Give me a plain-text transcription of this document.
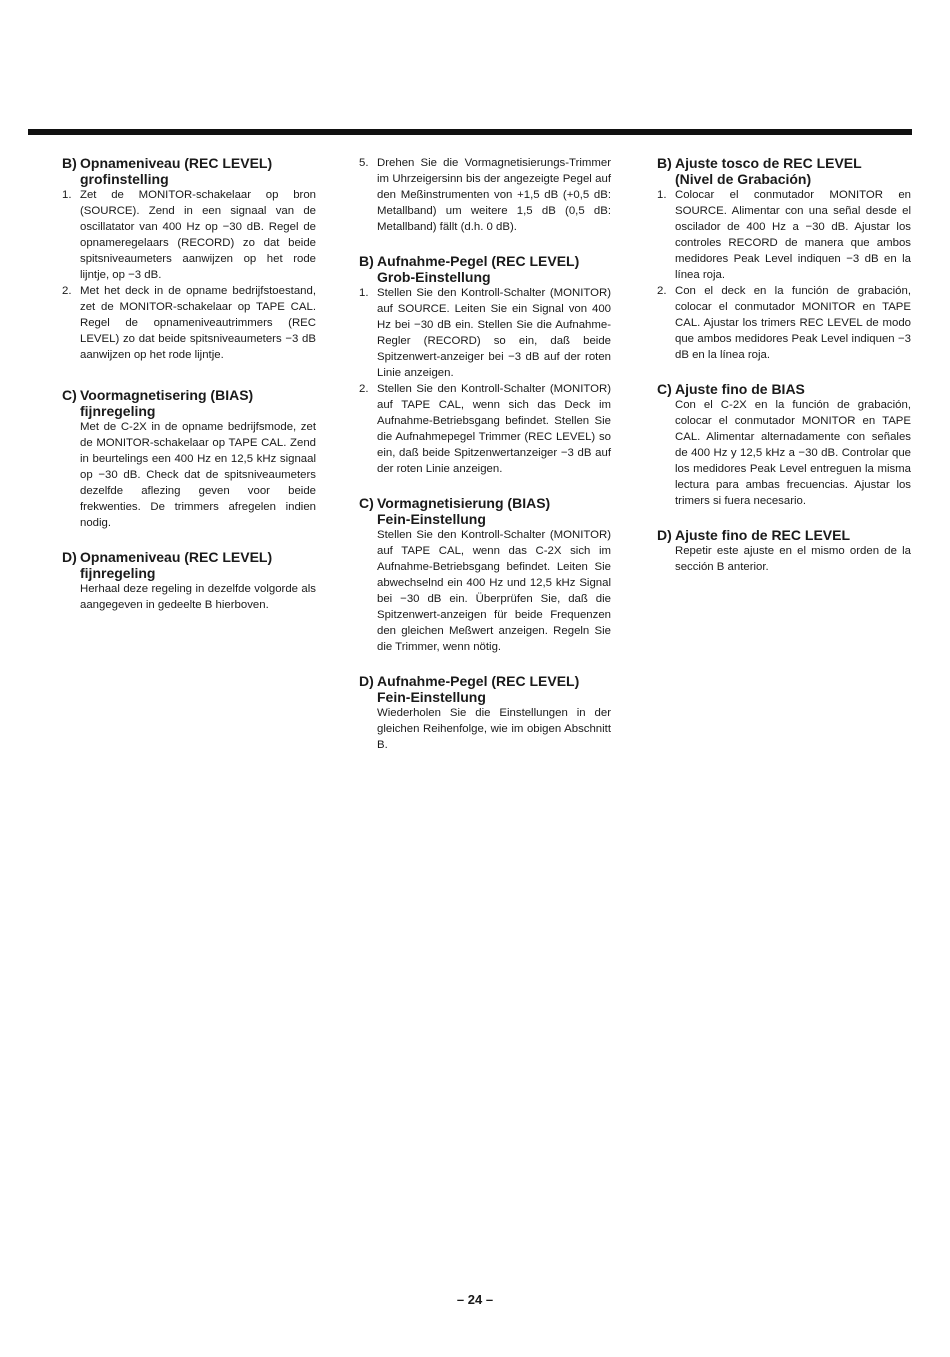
B) Opnameniveau (REC LEVEL)
grofinstelling
1. Zet de MONITOR-schakelaar op bron (SOURCE). Zend in een signaal van de oscillatator van 400 Hz op −30 dB. Regel de opnameregelaars (RECORD) zo dat beide spitsniveaumeters aanwijzen op het rode lijntje, op −3 dB.
2. Met het deck in de opname bedrijfstoestand, zet de MONITOR-schakelaar op TAPE CAL. Regel de opnameniveautrimmers (REC LEVEL) zo dat beide spitsniveaumeters −3 dB aanwijzen op het rode lijntje.
C) Voormagnetisering (BIAS)
fijnregeling
Met de C-2X in de opname bedrijfsmode, zet de MONITOR-schakelaar op TAPE CAL. Zend in beurtelings een 400 Hz en 12,5 kHz signaal op −30 dB. Check dat de spitsniveaumeters dezelfde aflezing geven voor beide frekwenties. De trimmers afregelen indien nodig.
D) Opnameniveau (REC LEVEL)
fijnregeling
Herhaal deze regeling in dezelfde volgorde als aangegeven in gedeelte B hierboven.
5. Drehen Sie die Vormagnetisierungs-Trimmer im Uhrzeigersinn bis der angezeigte Pegel auf den Meßinstrumenten von +1,5 dB (+0,5 dB: Metallband) um weitere 1,5 dB (0,5 dB: Metallband) fällt (d.h. 0 dB).
B) Aufnahme-Pegel (REC LEVEL)
Grob-Einstellung
1. Stellen Sie den Kontroll-Schalter (MONITOR) auf SOURCE. Leiten Sie ein Signal von 400 Hz bei −30 dB ein. Stellen Sie die Aufnahme-Regler (RECORD) so ein, daß beide Spitzenwert-anzeiger bei −3 dB auf der roten Linie anzeigen.
2. Stellen Sie den Kontroll-Schalter (MONITOR) auf TAPE CAL, wenn sich das Deck im Aufnahme-Betriebsgang befindet. Stellen Sie die Aufnahmepegel Trimmer (REC LEVEL) so ein, daß beide Spitzenwertanzeiger −3 dB auf der roten Linie anzeigen.
C) Vormagnetisierung (BIAS)
Fein-Einstellung
Stellen Sie den Kontroll-Schalter (MONITOR) auf TAPE CAL, wenn das C-2X sich im Aufnahme-Betriebsgang befindet. Leiten Sie abwechselnd ein 400 Hz und 12,5 kHz Signal bei −30 dB ein. Überprüfen Sie, daß die Spitzenwert-anzeigen für beide Frequenzen den gleichen Meßwert anzeigen. Regeln Sie die Trimmer, wenn nötig.
D) Aufnahme-Pegel (REC LEVEL)
Fein-Einstellung
Wiederholen Sie die Einstellungen in der gleichen Reihenfolge, wie im obigen Abschnitt B.
B) Ajuste tosco de REC LEVEL
(Nivel de Grabación)
1. Colocar el conmutador MONITOR en SOURCE. Alimentar con una señal desde el oscilador de 400 Hz a −30 dB. Ajustar los controles RECORD de manera que ambos medidores Peak Level indiquen −3 dB en la línea roja.
2. Con el deck en la función de grabación, colocar el conmutador MONITOR en TAPE CAL. Ajustar los trimers REC LEVEL de modo que ambos medidores Peak Level indiquen −3 dB en la línea roja.
C) Ajuste fino de BIAS
Con el C-2X en la función de grabación, colocar el conmutador MONITOR en TAPE CAL. Alimentar alternadamente con señales de 400 Hz y 12,5 kHz a −30 dB. Controlar que los medidores Peak Level entreguen la misma lectura para ambas frecuencias. Ajustar los trimers si fuera necesario.
D) Ajuste fino de REC LEVEL
Repetir este ajuste en el mismo orden de la sección B anterior.
– 24 –
